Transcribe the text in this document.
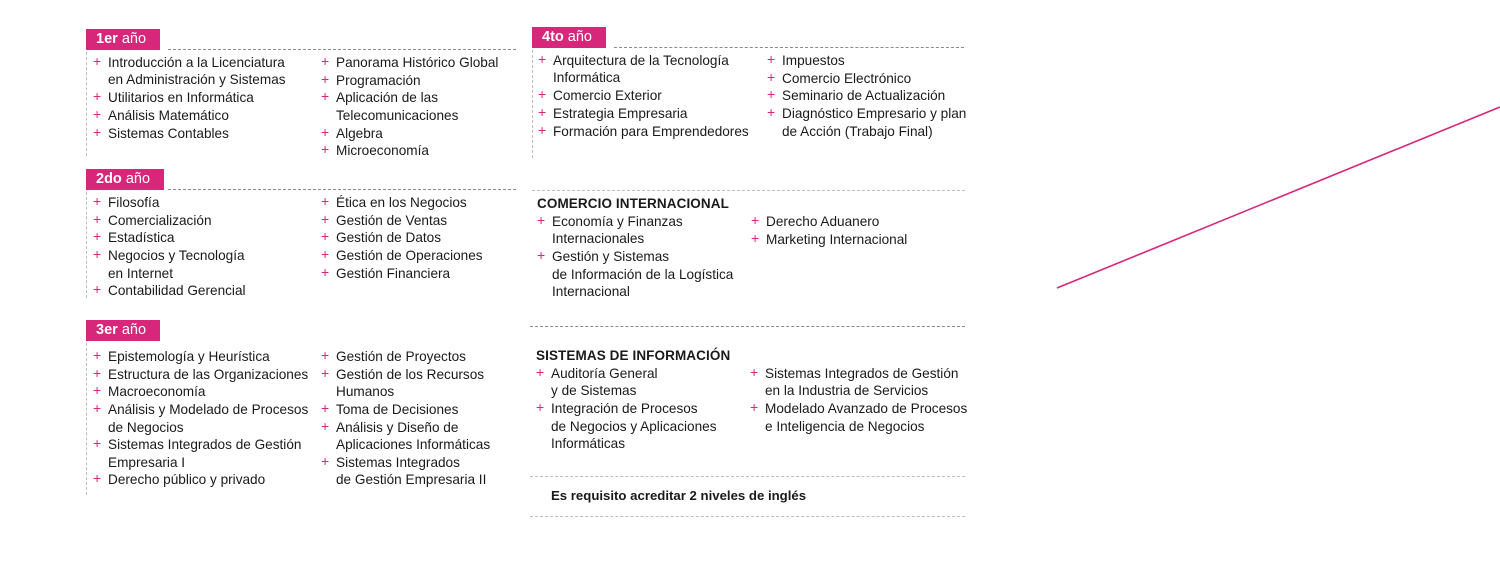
1er año
+ Introducción a la Licenciatura
en Administración y Sistemas
+ Utilitarios en Informática
+ Análisis Matemático
+ Sistemas Contables
+ Panorama Histórico Global
+ Programación
+ Aplicación de las
Telecomunicaciones
+ Algebra
+ Microeconomía
2do año
+ Filosofía
+ Comercialización
+ Estadística
+ Negocios y Tecnología
en Internet
+ Contabilidad Gerencial
+ Ética en los Negocios
+ Gestión de Ventas
+ Gestión de Datos
+ Gestión de Operaciones
+ Gestión Financiera
3er año
+ Epistemología y Heurística
+ Estructura de las Organizaciones
+ Macroeconomía
+ Análisis y Modelado de Procesos
de Negocios
+ Sistemas Integrados de Gestión
Empresaria I
+ Derecho público y privado
+ Gestión de Proyectos
+ Gestión de los Recursos
Humanos
+ Toma de Decisiones
+ Análisis y Diseño de
Aplicaciones Informáticas
+ Sistemas Integrados
de Gestión Empresaria II
4to año
+ Arquitectura de la Tecnología
Informática
+ Comercio Exterior
+ Estrategia Empresaria
+ Formación para Emprendedores
+ Impuestos
+ Comercio Electrónico
+ Seminario de Actualización
+ Diagnóstico Empresario y plan
de Acción (Trabajo Final)
COMERCIO INTERNACIONAL
+ Economía y Finanzas
Internacionales
+ Gestión y Sistemas
de Información de la Logística
Internacional
+ Derecho Aduanero
+ Marketing Internacional
SISTEMAS DE INFORMACIÓN
+ Auditoría General
y de Sistemas
+ Integración de Procesos
de Negocios y Aplicaciones
Informáticas
+ Sistemas Integrados de Gestión
en la Industria de Servicios
+ Modelado Avanzado de Procesos
e Inteligencia de Negocios
Es requisito acreditar 2 niveles de inglés
